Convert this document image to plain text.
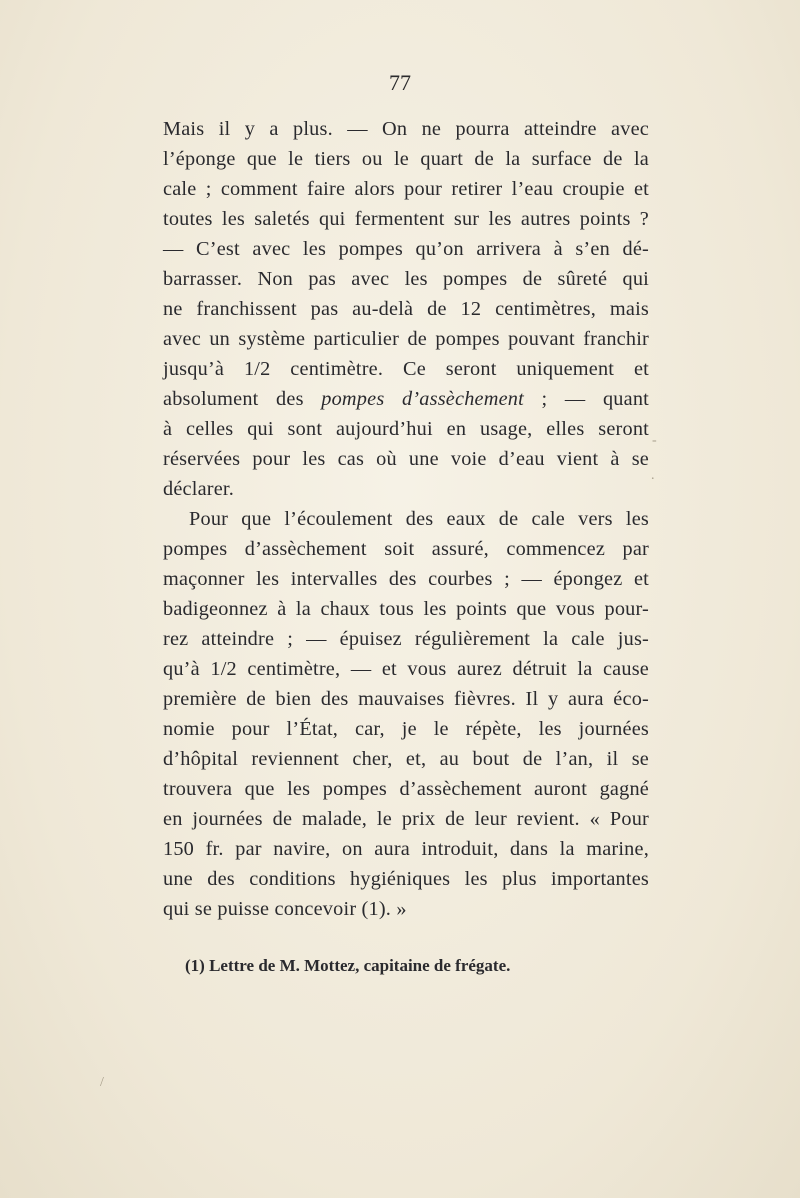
77
Mais il y a plus. — On ne pourra atteindre avec
l’éponge que le tiers ou le quart de la surface de la
cale ; comment faire alors pour retirer l’eau croupie et
toutes les saletés qui fermentent sur les autres points ?
— C’est avec les pompes qu’on arrivera à s’en dé-
barrasser. Non pas avec les pompes de sûreté qui
ne franchissent pas au-delà de 12 centimètres, mais
avec un système particulier de pompes pouvant franchir
jusqu’à 1/2 centimètre. Ce seront uniquement et
absolument des pompes d’assèchement ; — quant
à celles qui sont aujourd’hui en usage, elles seront
réservées pour les cas où une voie d’eau vient à se
déclarer.
Pour que l’écoulement des eaux de cale vers les
pompes d’assèchement soit assuré, commencez par
maçonner les intervalles des courbes ; — épongez et
badigeonnez à la chaux tous les points que vous pour-
rez atteindre ; — épuisez régulièrement la cale jus-
qu’à 1/2 centimètre, — et vous aurez détruit la cause
première de bien des mauvaises fièvres. Il y aura éco-
nomie pour l’État, car, je le répète, les journées
d’hôpital reviennent cher, et, au bout de l’an, il se
trouvera que les pompes d’assèchement auront gagné
en journées de malade, le prix de leur revient. « Pour
150 fr. par navire, on aura introduit, dans la marine,
une des conditions hygiéniques les plus importantes
qui se puisse concevoir (1). »
(1) Lettre de M. Mottez, capitaine de frégate.
-
.
/
